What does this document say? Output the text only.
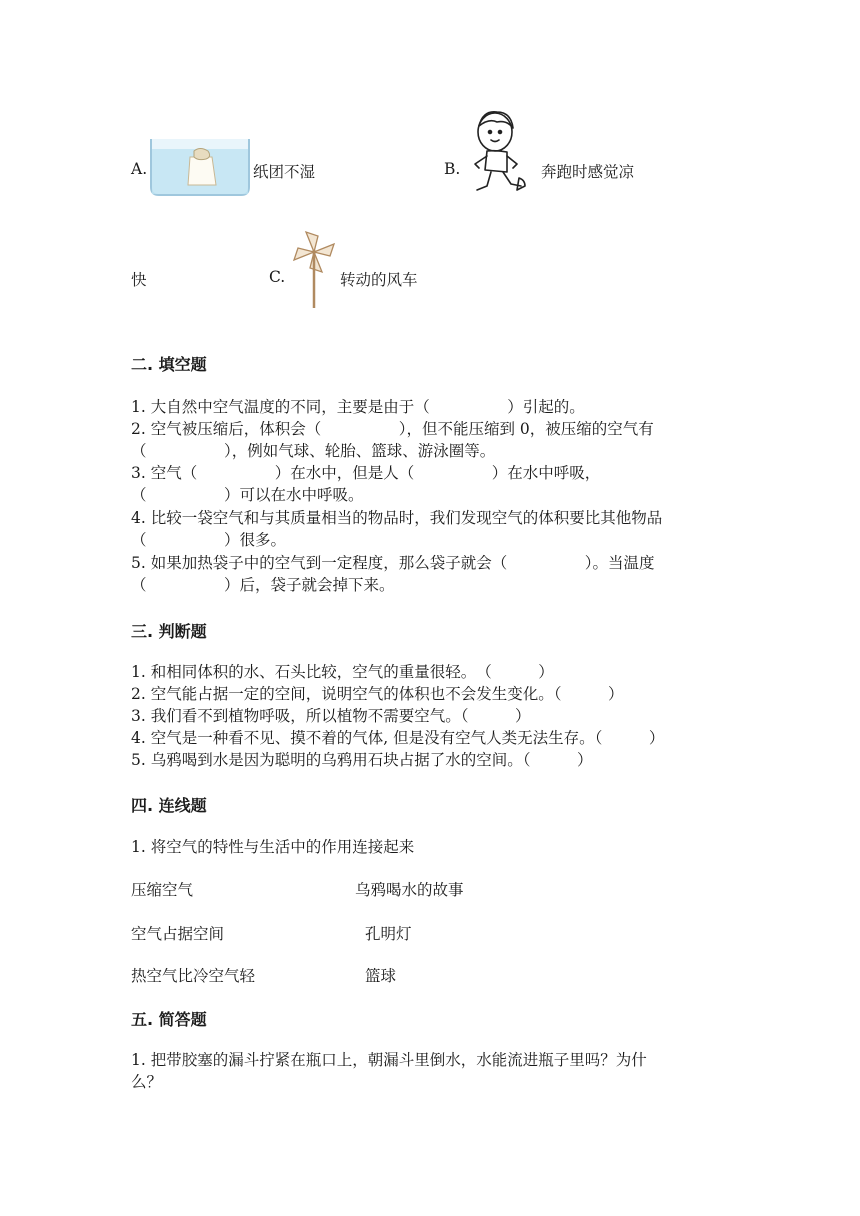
A.	纸团不湿	B.	奔跑时感觉凉
快	C.	转动的风车
二. 填空题
1. 大自然中空气温度的不同，主要是由于（　　　　　）引起的。
2. 空气被压缩后，体积会（　　　　　），但不能压缩到 0，被压缩的空气有
（　　　　　），例如气球、轮胎、篮球、游泳圈等。
3. 空气（　　　　　）在水中，但是人（　　　　　）在水中呼吸，
（　　　　　）可以在水中呼吸。
4. 比较一袋空气和与其质量相当的物品时，我们发现空气的体积要比其他物品
（　　　　　）很多。
5. 如果加热袋子中的空气到一定程度，那么袋子就会（　　　　　）。当温度
（　　　　　）后，袋子就会掉下来。
三. 判断题
1. 和相同体积的水、石头比较，空气的重量很轻。　（　　　）
2. 空气能占据一定的空间，说明空气的体积也不会发生变化。（　　　）
3. 我们看不到植物呼吸，所以植物不需要空气。（　　　）
4. 空气是一种看不见、摸不着的气体, 但是没有空气人类无法生存。（　　　）
5. 乌鸦喝到水是因为聪明的乌鸦用石块占据了水的空间。（　　　）
四. 连线题
1. 将空气的特性与生活中的作用连接起来
压缩空气	乌鸦喝水的故事
空气占据空间	孔明灯
热空气比冷空气轻	篮球
五. 简答题
1. 把带胶塞的漏斗拧紧在瓶口上，朝漏斗里倒水，水能流进瓶子里吗？为什
么？
